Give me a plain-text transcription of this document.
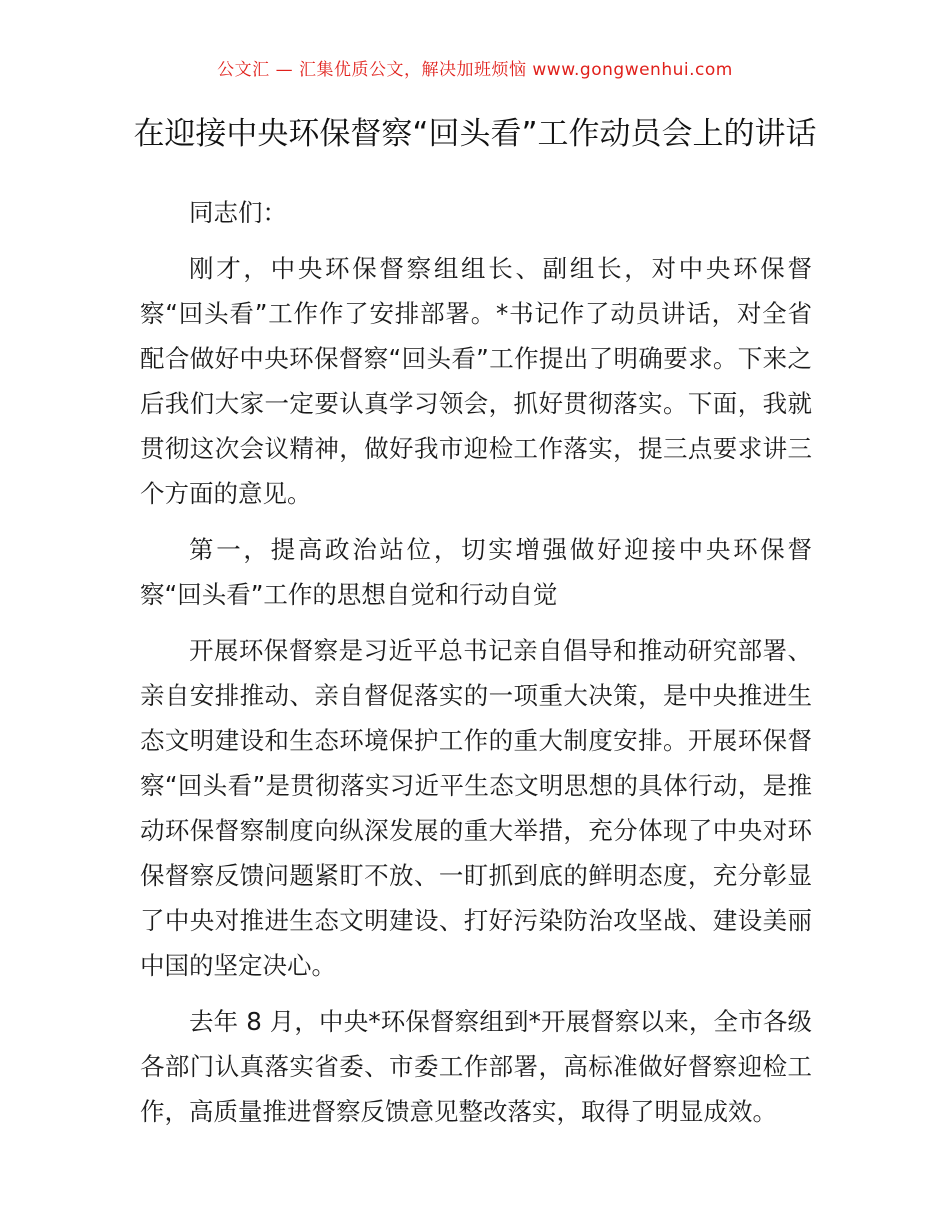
公文汇 — 汇集优质公文，解决加班烦恼 www.gongwenhui.com
在迎接中央环保督察“回头看”工作动员会上的讲话

同志们：

刚才，中央环保督察组组长、副组长，对中央环保督察“回头看”工作作了安排部署。*书记作了动员讲话，对全省配合做好中央环保督察“回头看”工作提出了明确要求。下来之后我们大家一定要认真学习领会，抓好贯彻落实。下面，我就贯彻这次会议精神，做好我市迎检工作落实，提三点要求讲三个方面的意见。

第一，提高政治站位，切实增强做好迎接中央环保督察“回头看”工作的思想自觉和行动自觉

开展环保督察是习近平总书记亲自倡导和推动研究部署、亲自安排推动、亲自督促落实的一项重大决策，是中央推进生态文明建设和生态环境保护工作的重大制度安排。开展环保督察“回头看”是贯彻落实习近平生态文明思想的具体行动，是推动环保督察制度向纵深发展的重大举措，充分体现了中央对环保督察反馈问题紧盯不放、一盯抓到底的鲜明态度，充分彰显了中央对推进生态文明建设、打好污染防治攻坚战、建设美丽中国的坚定决心。

去年 8 月，中央*环保督察组到*开展督察以来，全市各级各部门认真落实省委、市委工作部署，高标准做好督察迎检工作，高质量推进督察反馈意见整改落实，取得了明显成效。
